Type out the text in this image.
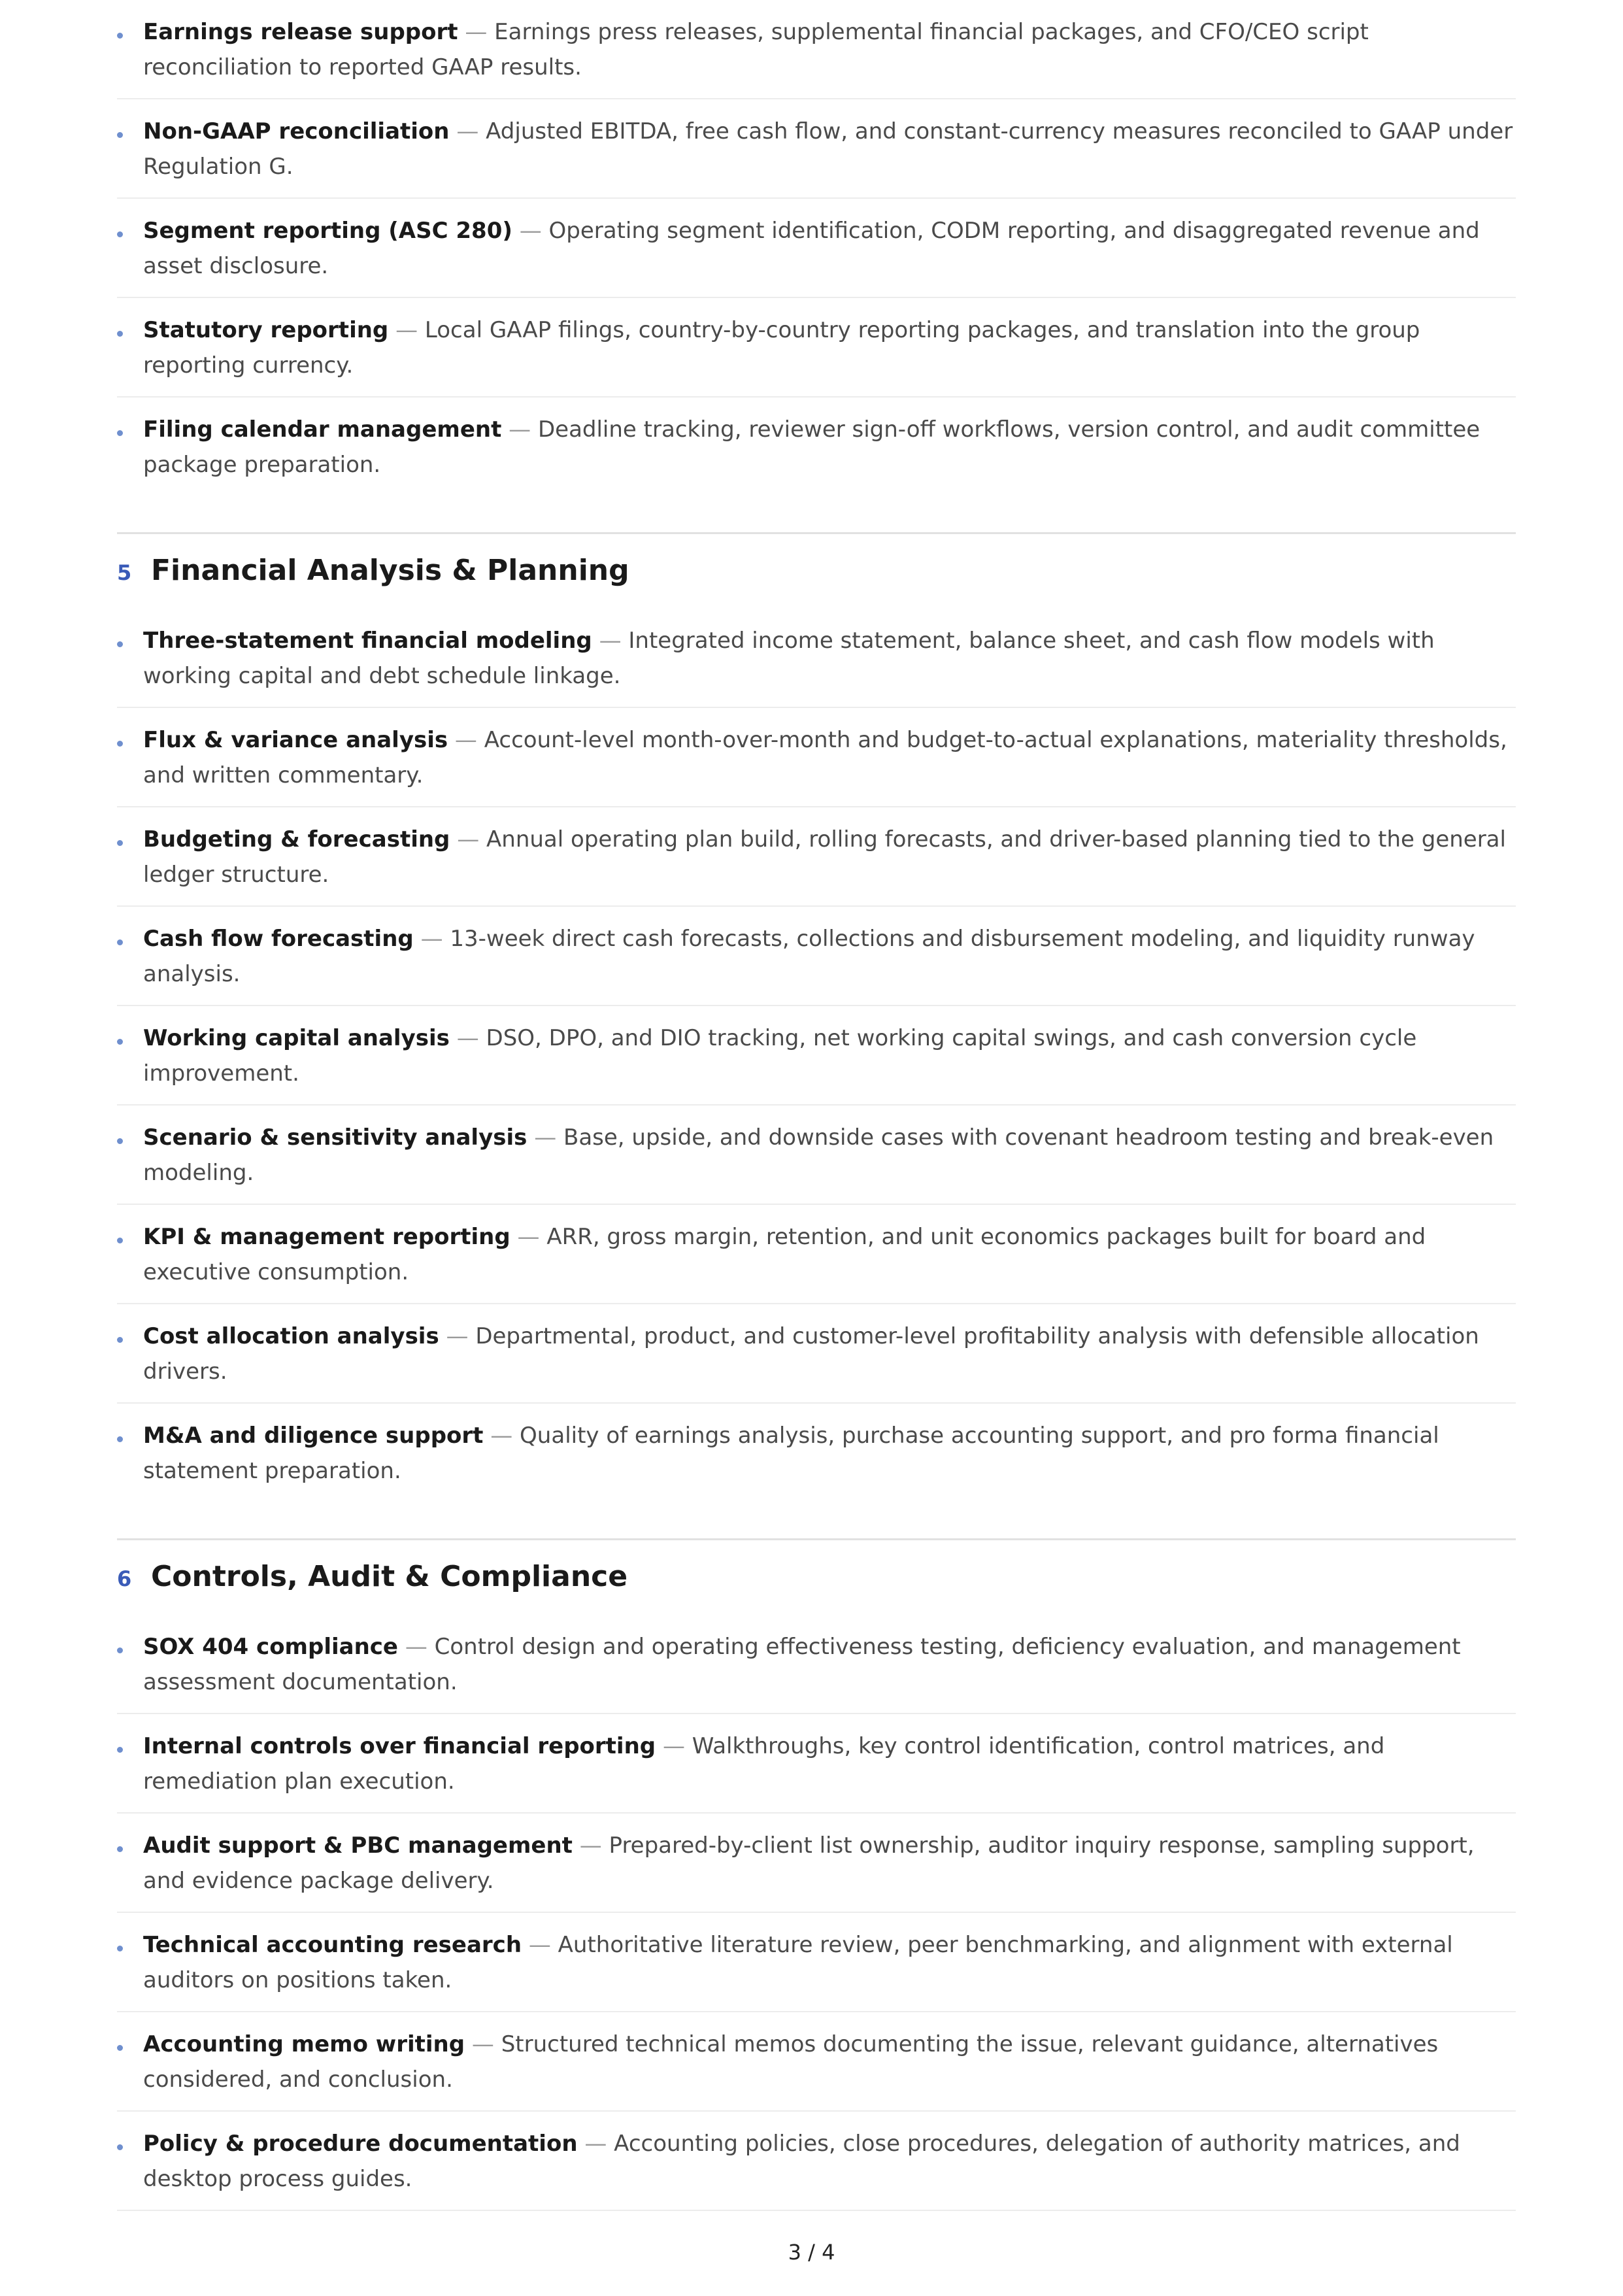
Earnings release support — Earnings press releases, supplemental financial packages, and CFO/CEO script reconciliation to reported GAAP results.
Non-GAAP reconciliation — Adjusted EBITDA, free cash flow, and constant-currency measures reconciled to GAAP under Regulation G.
Segment reporting (ASC 280) — Operating segment identification, CODM reporting, and disaggregated revenue and asset disclosure.
Statutory reporting — Local GAAP filings, country-by-country reporting packages, and translation into the group reporting currency.
Filing calendar management — Deadline tracking, reviewer sign-off workflows, version control, and audit committee package preparation.
5 Financial Analysis & Planning
Three-statement financial modeling — Integrated income statement, balance sheet, and cash flow models with working capital and debt schedule linkage.
Flux & variance analysis — Account-level month-over-month and budget-to-actual explanations, materiality thresholds, and written commentary.
Budgeting & forecasting — Annual operating plan build, rolling forecasts, and driver-based planning tied to the general ledger structure.
Cash flow forecasting — 13-week direct cash forecasts, collections and disbursement modeling, and liquidity runway analysis.
Working capital analysis — DSO, DPO, and DIO tracking, net working capital swings, and cash conversion cycle improvement.
Scenario & sensitivity analysis — Base, upside, and downside cases with covenant headroom testing and break-even modeling.
KPI & management reporting — ARR, gross margin, retention, and unit economics packages built for board and executive consumption.
Cost allocation analysis — Departmental, product, and customer-level profitability analysis with defensible allocation drivers.
M&A and diligence support — Quality of earnings analysis, purchase accounting support, and pro forma financial statement preparation.
6 Controls, Audit & Compliance
SOX 404 compliance — Control design and operating effectiveness testing, deficiency evaluation, and management assessment documentation.
Internal controls over financial reporting — Walkthroughs, key control identification, control matrices, and remediation plan execution.
Audit support & PBC management — Prepared-by-client list ownership, auditor inquiry response, sampling support, and evidence package delivery.
Technical accounting research — Authoritative literature review, peer benchmarking, and alignment with external auditors on positions taken.
Accounting memo writing — Structured technical memos documenting the issue, relevant guidance, alternatives considered, and conclusion.
Policy & procedure documentation — Accounting policies, close procedures, delegation of authority matrices, and desktop process guides.
3 / 4
